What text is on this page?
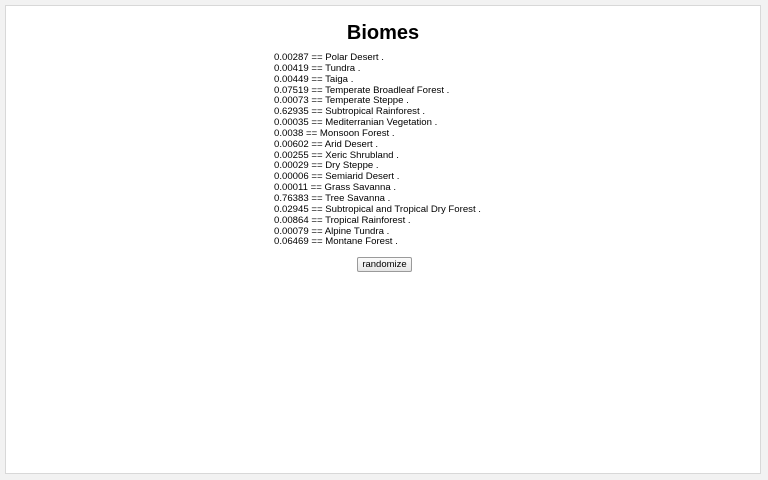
Biomes
0.00287 == Polar Desert .
0.00419 == Tundra .
0.00449 == Taiga .
0.07519 == Temperate Broadleaf Forest .
0.00073 == Temperate Steppe .
0.62935 == Subtropical Rainforest .
0.00035 == Mediterranian Vegetation .
0.0038 == Monsoon Forest .
0.00602 == Arid Desert .
0.00255 == Xeric Shrubland .
0.00029 == Dry Steppe .
0.00006 == Semiarid Desert .
0.00011 == Grass Savanna .
0.76383 == Tree Savanna .
0.02945 == Subtropical and Tropical Dry Forest .
0.00864 == Tropical Rainforest .
0.00079 == Alpine Tundra .
0.06469 == Montane Forest .
randomize
